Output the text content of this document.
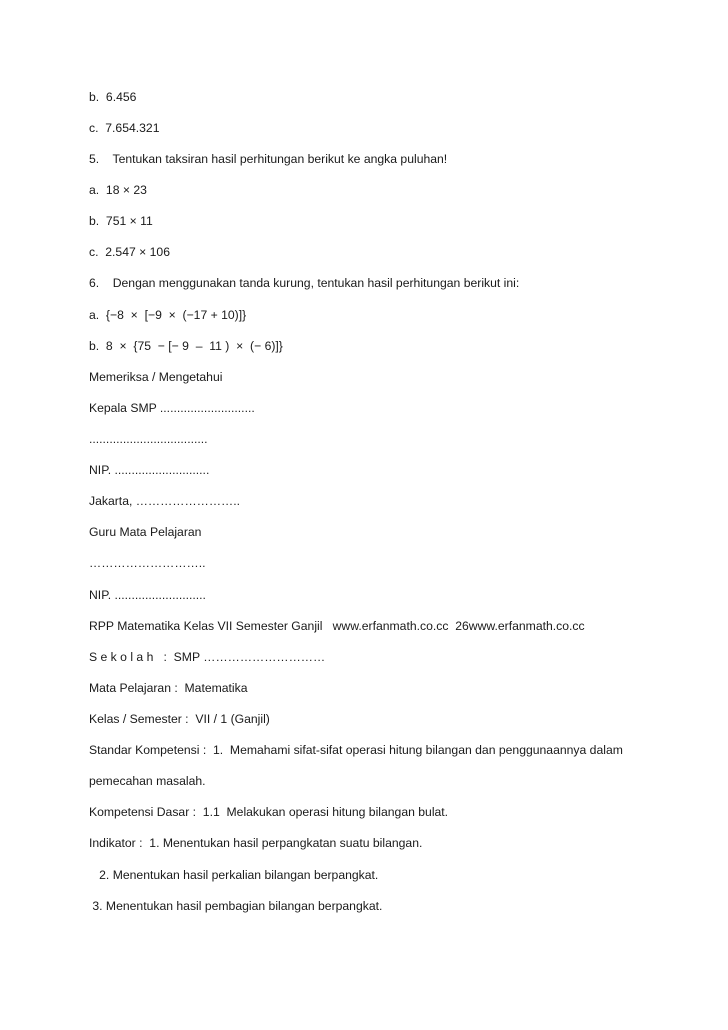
b.  6.456

c.  7.654.321

5.    Tentukan taksiran hasil perhitungan berikut ke angka puluhan!

a.  18 × 23

b.  751 × 11

c.  2.547 × 106

6.    Dengan menggunakan tanda kurung, tentukan hasil perhitungan berikut ini:

a.  {−8  ×  [−9  ×  (−17 + 10)]}

b.  8  ×  {75  − [− 9  –  11 )  ×  (− 6)]}

Memeriksa / Mengetahui

Kepala SMP ............................

...................................

NIP. ............................

Jakarta, ……………………..

Guru Mata Pelajaran

………………………..

NIP. ...........................

RPP Matematika Kelas VII Semester Ganjil   www.erfanmath.co.cc  26www.erfanmath.co.cc

S e k o l a h   :  SMP …………………………

Mata Pelajaran :  Matematika

Kelas / Semester :  VII / 1 (Ganjil)

Standar Kompetensi :  1.  Memahami sifat-sifat operasi hitung bilangan dan penggunaannya dalam

pemecahan masalah.

Kompetensi Dasar :  1.1  Melakukan operasi hitung bilangan bulat.

Indikator :  1. Menentukan hasil perpangkatan suatu bilangan.

2. Menentukan hasil perkalian bilangan berpangkat.

3. Menentukan hasil pembagian bilangan berpangkat.
